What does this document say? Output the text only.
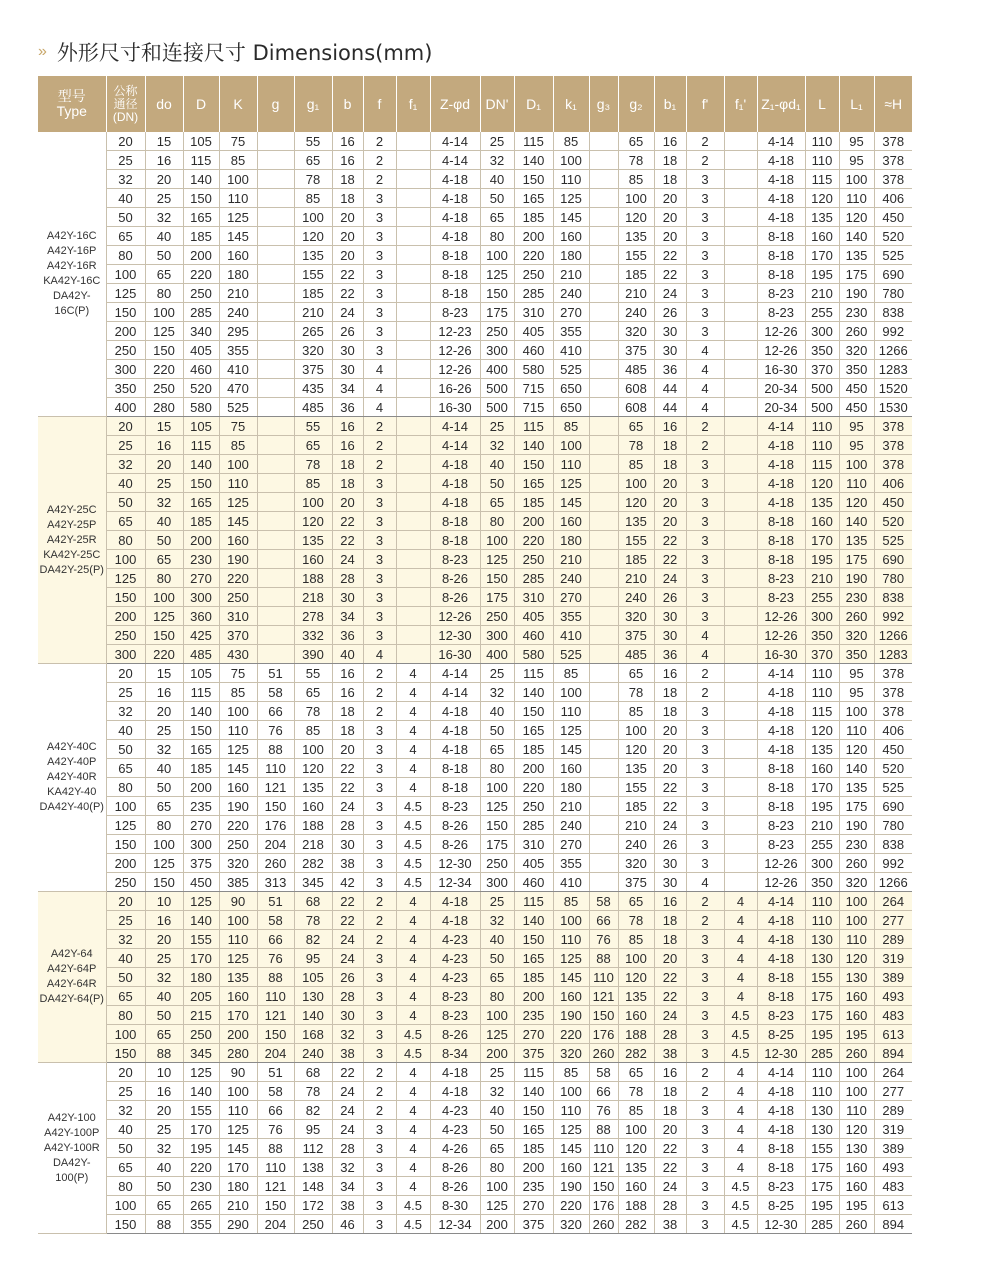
» 外形尺寸和连接尺寸 Dimensions(mm)
型号
Type	公称
通径
(DN)	do	D	K	g	g₁	b	f	f₁	Z-φd	DN'	D₁	k₁	g₃	g₂	b₁	f'	f₁'	Z₁-φd₁	L	L₁	≈H
A42Y-16C
A42Y-16P
A42Y-16R
KA42Y-16C
DA42Y-16C(P)	20	15	105	75		55	16	2		4-14	25	115	85		65	16	2		4-14	110	95	378
	25	16	115	85		65	16	2		4-14	32	140	100		78	18	2		4-18	110	95	378
	32	20	140	100		78	18	2		4-18	40	150	110		85	18	3		4-18	115	100	378
	40	25	150	110		85	18	3		4-18	50	165	125		100	20	3		4-18	120	110	406
	50	32	165	125		100	20	3		4-18	65	185	145		120	20	3		4-18	135	120	450
	65	40	185	145		120	20	3		4-18	80	200	160		135	20	3		8-18	160	140	520
	80	50	200	160		135	20	3		8-18	100	220	180		155	22	3		8-18	170	135	525
	100	65	220	180		155	22	3		8-18	125	250	210		185	22	3		8-18	195	175	690
	125	80	250	210		185	22	3		8-18	150	285	240		210	24	3		8-23	210	190	780
	150	100	285	240		210	24	3		8-23	175	310	270		240	26	3		8-23	255	230	838
	200	125	340	295		265	26	3		12-23	250	405	355		320	30	3		12-26	300	260	992
	250	150	405	355		320	30	3		12-26	300	460	410		375	30	4		12-26	350	320	1266
	300	220	460	410		375	30	4		12-26	400	580	525		485	36	4		16-30	370	350	1283
	350	250	520	470		435	34	4		16-26	500	715	650		608	44	4		20-34	500	450	1520
	400	280	580	525		485	36	4		16-30	500	715	650		608	44	4		20-34	500	450	1530
A42Y-25C
A42Y-25P
A42Y-25R
KA42Y-25C
DA42Y-25(P)	20	15	105	75		55	16	2		4-14	25	115	85		65	16	2		4-14	110	95	378
	25	16	115	85		65	16	2		4-14	32	140	100		78	18	2		4-18	110	95	378
	32	20	140	100		78	18	2		4-18	40	150	110		85	18	3		4-18	115	100	378
	40	25	150	110		85	18	3		4-18	50	165	125		100	20	3		4-18	120	110	406
	50	32	165	125		100	20	3		4-18	65	185	145		120	20	3		4-18	135	120	450
	65	40	185	145		120	22	3		8-18	80	200	160		135	20	3		8-18	160	140	520
	80	50	200	160		135	22	3		8-18	100	220	180		155	22	3		8-18	170	135	525
	100	65	230	190		160	24	3		8-23	125	250	210		185	22	3		8-18	195	175	690
	125	80	270	220		188	28	3		8-26	150	285	240		210	24	3		8-23	210	190	780
	150	100	300	250		218	30	3		8-26	175	310	270		240	26	3		8-23	255	230	838
	200	125	360	310		278	34	3		12-26	250	405	355		320	30	3		12-26	300	260	992
	250	150	425	370		332	36	3		12-30	300	460	410		375	30	4		12-26	350	320	1266
	300	220	485	430		390	40	4		16-30	400	580	525		485	36	4		16-30	370	350	1283
A42Y-40C
A42Y-40P
A42Y-40R
KA42Y-40
DA42Y-40(P)	20	15	105	75	51	55	16	2	4	4-14	25	115	85		65	16	2		4-14	110	95	378
	25	16	115	85	58	65	16	2	4	4-14	32	140	100		78	18	2		4-18	110	95	378
	32	20	140	100	66	78	18	2	4	4-18	40	150	110		85	18	3		4-18	115	100	378
	40	25	150	110	76	85	18	3	4	4-18	50	165	125		100	20	3		4-18	120	110	406
	50	32	165	125	88	100	20	3	4	4-18	65	185	145		120	20	3		4-18	135	120	450
	65	40	185	145	110	120	22	3	4	8-18	80	200	160		135	20	3		8-18	160	140	520
	80	50	200	160	121	135	22	3	4	8-18	100	220	180		155	22	3		8-18	170	135	525
	100	65	235	190	150	160	24	3	4.5	8-23	125	250	210		185	22	3		8-18	195	175	690
	125	80	270	220	176	188	28	3	4.5	8-26	150	285	240		210	24	3		8-23	210	190	780
	150	100	300	250	204	218	30	3	4.5	8-26	175	310	270		240	26	3		8-23	255	230	838
	200	125	375	320	260	282	38	3	4.5	12-30	250	405	355		320	30	3		12-26	300	260	992
	250	150	450	385	313	345	42	3	4.5	12-34	300	460	410		375	30	4		12-26	350	320	1266
A42Y-64
A42Y-64P
A42Y-64R
DA42Y-64(P)	20	10	125	90	51	68	22	2	4	4-18	25	115	85	58	65	16	2	4	4-14	110	100	264
	25	16	140	100	58	78	22	2	4	4-18	32	140	100	66	78	18	2	4	4-18	110	100	277
	32	20	155	110	66	82	24	2	4	4-23	40	150	110	76	85	18	3	4	4-18	130	110	289
	40	25	170	125	76	95	24	3	4	4-23	50	165	125	88	100	20	3	4	4-18	130	120	319
	50	32	180	135	88	105	26	3	4	4-23	65	185	145	110	120	22	3	4	8-18	155	130	389
	65	40	205	160	110	130	28	3	4	8-23	80	200	160	121	135	22	3	4	8-18	175	160	493
	80	50	215	170	121	140	30	3	4	8-23	100	235	190	150	160	24	3	4.5	8-23	175	160	483
	100	65	250	200	150	168	32	3	4.5	8-26	125	270	220	176	188	28	3	4.5	8-25	195	195	613
	150	88	345	280	204	240	38	3	4.5	8-34	200	375	320	260	282	38	3	4.5	12-30	285	260	894
A42Y-100
A42Y-100P
A42Y-100R
DA42Y-100(P)	20	10	125	90	51	68	22	2	4	4-18	25	115	85	58	65	16	2	4	4-14	110	100	264
	25	16	140	100	58	78	24	2	4	4-18	32	140	100	66	78	18	2	4	4-18	110	100	277
	32	20	155	110	66	82	24	2	4	4-23	40	150	110	76	85	18	3	4	4-18	130	110	289
	40	25	170	125	76	95	24	3	4	4-23	50	165	125	88	100	20	3	4	4-18	130	120	319
	50	32	195	145	88	112	28	3	4	4-26	65	185	145	110	120	22	3	4	8-18	155	130	389
	65	40	220	170	110	138	32	3	4	8-26	80	200	160	121	135	22	3	4	8-18	175	160	493
	80	50	230	180	121	148	34	3	4	8-26	100	235	190	150	160	24	3	4.5	8-23	175	160	483
	100	65	265	210	150	172	38	3	4.5	8-30	125	270	220	176	188	28	3	4.5	8-25	195	195	613
	150	88	355	290	204	250	46	3	4.5	12-34	200	375	320	260	282	38	3	4.5	12-30	285	260	894
